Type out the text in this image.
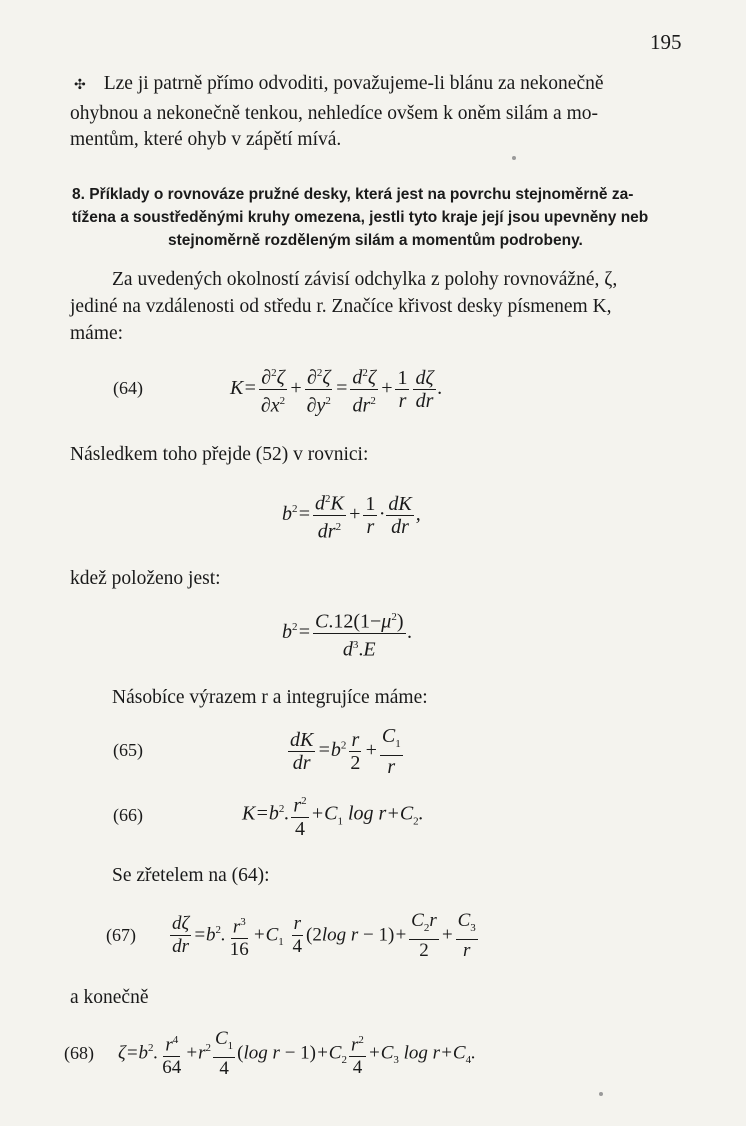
195
✣ Lze ji patrně přímo odvoditi, považujeme-li blánu za nekonečně
ohybnou a nekonečně tenkou, nehledíce ovšem k oněm silám a mo-
mentům, které ohyb v zápětí mívá.
8. Příklady o rovnováze pružné desky, která jest na povrchu stejnoměrně za-
tížena a soustředěnými kruhy omezena, jestli tyto kraje její jsou upevněny neb
stejnoměrně rozděleným silám a momentům podrobeny.
Za uvedených okolností závisí odchylka z polohy rovnovážné, ζ,
jediné na vzdálenosti od středu r. Značíce křivost desky písmenem K,
máme:
(64)	$K= \frac{\partial^2\zeta}{\partial x^2} + \frac{\partial^2\zeta}{\partial y^2} = \frac{d^2\zeta}{dr^2} + \frac{1}{r} \frac{d\zeta}{dr}$ .
Následkem toho přejde (52) v rovnici:
$b^2= \frac{d^2K}{dr^2} + \frac{1}{r} \cdot \frac{dK}{dr}$ ,
kdež položeno jest:
$b^2= \frac{C.12(1-\mu^2)}{d^3.E}$ .
Násobíce výrazem r a integrujíce máme:
(65)	$\frac{dK}{dr} =b^2 \frac{r}{2} + \frac{C_1}{r}$
(66)	$K=b^2$. $\frac{r^2}{4} +C_1$ $\log r+C_2$.
Se zřetelem na (64):
$(67) \frac{d\zeta}{dr} =b^2$. $\frac{r^3}{16} +C_1 \frac{r}{4} (2\log$ $r - 1)+ \frac{C_2r}{2} + \frac{C_3}{r}$
a konečně
(68) $\zeta=b^2$. $\frac{r^4}{64} +r^2 \frac{C_1}{4} (\log$ $r - 1)+C_2 \frac{r^2}{4} +C_3$ $\log r+C_4$.
